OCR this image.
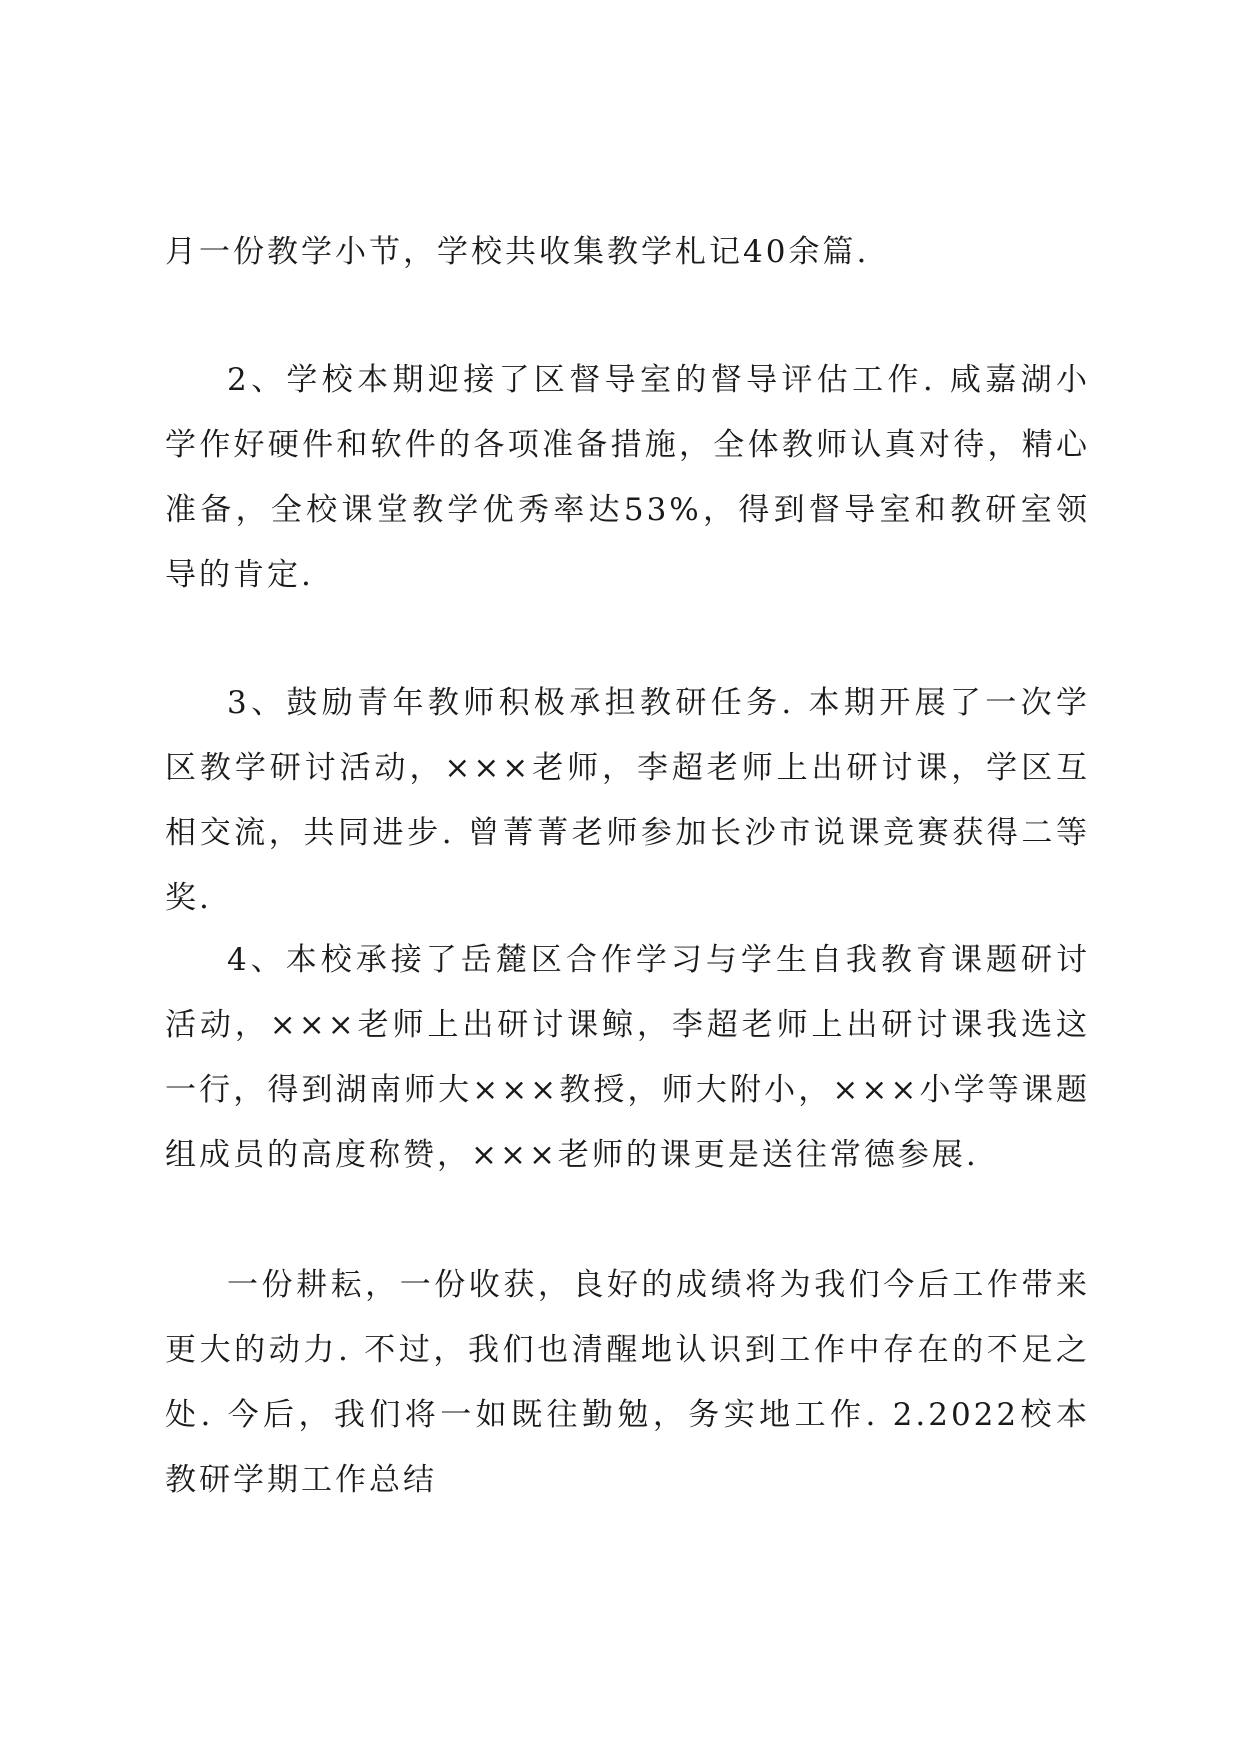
月一份教学小节，学校共收集教学札记40余篇.

2、学校本期迎接了区督导室的督导评估工作. 咸嘉湖小学作好硬件和软件的各项准备措施，全体教师认真对待，精心准备，全校课堂教学优秀率达53%，得到督导室和教研室领导的肯定.

3、鼓励青年教师积极承担教研任务. 本期开展了一次学区教学研讨活动，×××老师，李超老师上出研讨课，学区互相交流，共同进步. 曾菁菁老师参加长沙市说课竞赛获得二等奖.

4、本校承接了岳麓区合作学习与学生自我教育课题研讨活动，×××老师上出研讨课鲸，李超老师上出研讨课我选这一行，得到湖南师大×××教授，师大附小，×××小学等课题组成员的高度称赞，×××老师的课更是送往常德参展.

一份耕耘，一份收获，良好的成绩将为我们今后工作带来更大的动力. 不过，我们也清醒地认识到工作中存在的不足之处. 今后，我们将一如既往勤勉，务实地工作. 2.2022校本教研学期工作总结
